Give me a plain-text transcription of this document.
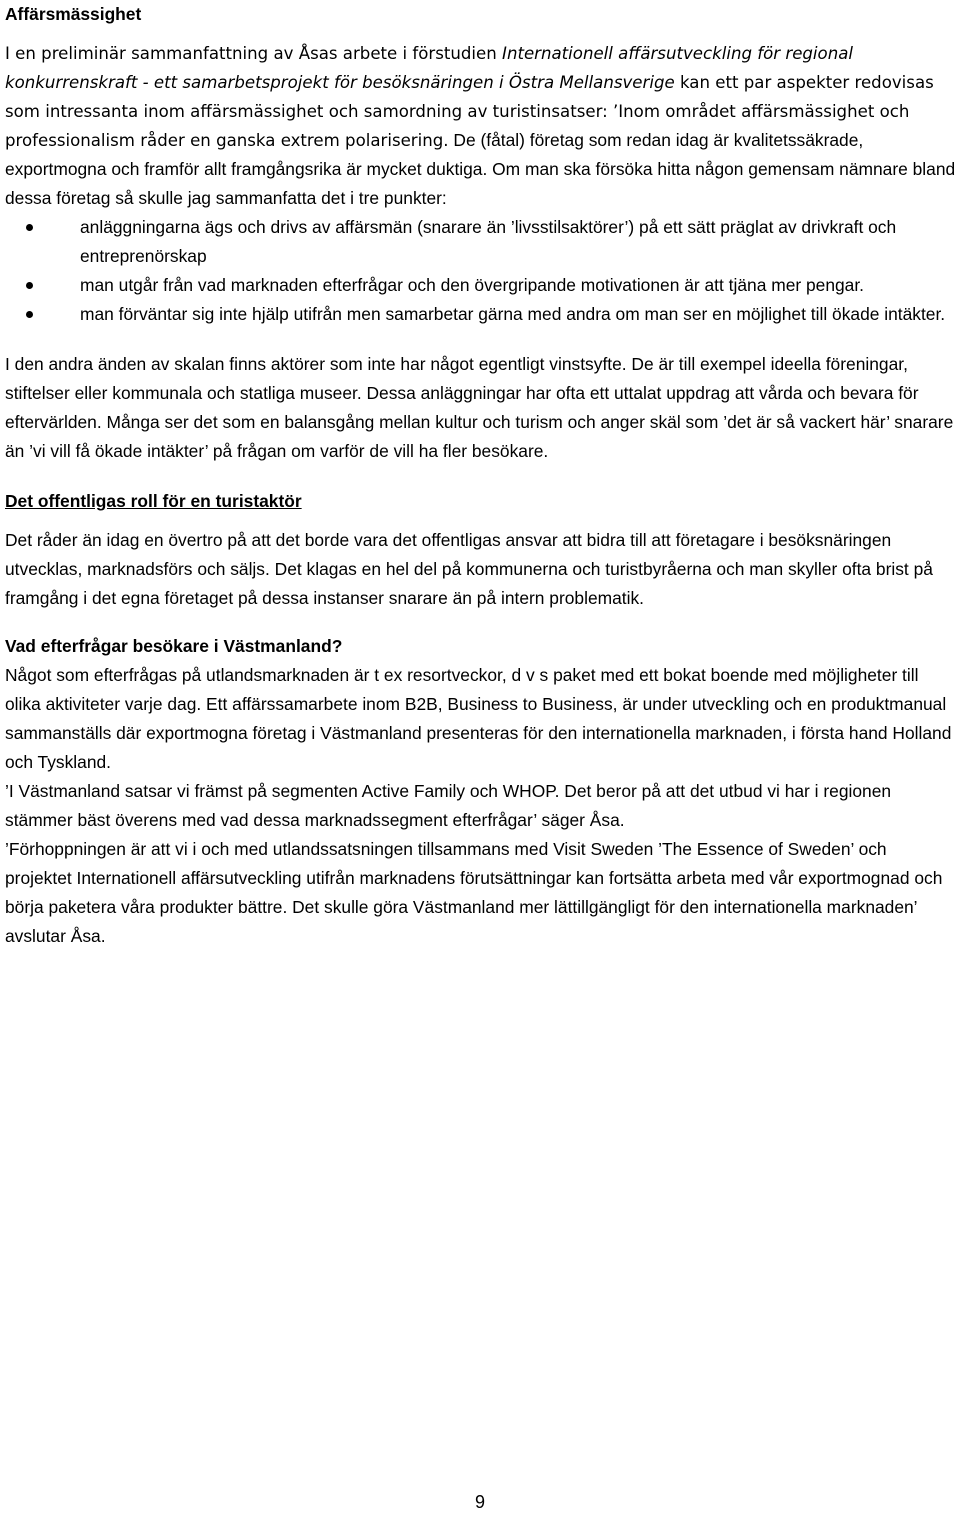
Affärsmässighet

I en preliminär sammanfattning av Åsas arbete i förstudien Internationell affärsutveckling för regional konkurrenskraft - ett samarbetsprojekt för besöksnäringen i Östra Mellansverige kan ett par aspekter redovisas som intressanta inom affärsmässighet och samordning av turistinsatser: ’Inom området affärsmässighet och professionalism råder en ganska extrem polarisering. De (fåtal) företag som redan idag är kvalitetssäkrade, exportmogna och framför allt framgångsrika är mycket duktiga. Om man ska försöka hitta någon gemensam nämnare bland dessa företag så skulle jag sammanfatta det i tre punkter:

anläggningarna ägs och drivs av affärsmän (snarare än ’livsstilsaktörer’) på ett sätt präglat av drivkraft och entreprenörskap
man utgår från vad marknaden efterfrågar och den övergripande motivationen är att tjäna mer pengar.
man förväntar sig inte hjälp utifrån men samarbetar gärna med andra om man ser en möjlighet till ökade intäkter.

I den andra änden av skalan finns aktörer som inte har något egentligt vinstsyfte. De är till exempel ideella föreningar, stiftelser eller kommunala och statliga museer. Dessa anläggningar har ofta ett uttalat uppdrag att vårda och bevara för eftervärlden. Många ser det som en balansgång mellan kultur och turism och anger skäl som ’det är så vackert här’ snarare än ’vi vill få ökade intäkter’ på frågan om varför de vill ha fler besökare.

Det offentligas roll för en turistaktör

Det råder än idag en övertro på att det borde vara det offentligas ansvar att bidra till att företagare i besöksnäringen utvecklas, marknadsförs och säljs. Det klagas en hel del på kommunerna och turistbyråerna och man skyller ofta brist på framgång i det egna företaget på dessa instanser snarare än på intern problematik.

Vad efterfrågar besökare i Västmanland?

Något som efterfrågas på utlandsmarknaden är t ex resortveckor, d v s paket med ett bokat boende med möjligheter till olika aktiviteter varje dag. Ett affärssamarbete inom B2B, Business to Business, är under utveckling och en produktmanual sammanställs där exportmogna företag i Västmanland presenteras för den internationella marknaden, i första hand Holland och Tyskland.

’I Västmanland satsar vi främst på segmenten Active Family och WHOP. Det beror på att det utbud vi har i regionen stämmer bäst överens med vad dessa marknadssegment efterfrågar’ säger Åsa.

’Förhoppningen är att vi i och med utlandssatsningen tillsammans med Visit Sweden ’The Essence of Sweden’ och projektet Internationell affärsutveckling utifrån marknadens förutsättningar kan fortsätta arbeta med vår exportmognad och börja paketera våra produkter bättre. Det skulle göra Västmanland mer lättillgängligt för den internationella marknaden’ avslutar Åsa.

9
